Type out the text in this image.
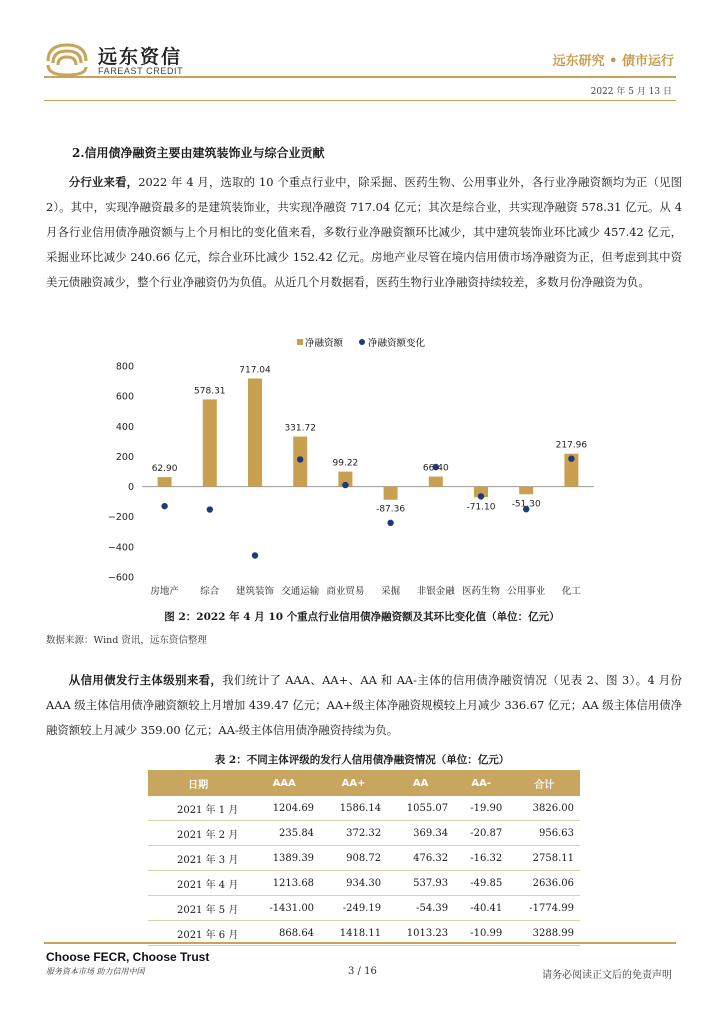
远东资信
FAREAST CREDIT
远东研究 • 债市运行
2022 年 5 月 13 日
2.信用债净融资主要由建筑装饰业与综合业贡献
分行业来看，2022 年 4 月，选取的 10 个重点行业中，除采掘、医药生物、公用事业外，各行业净融资额均为正（见图 2）。其中，实现净融资最多的是建筑装饰业，共实现净融资 717.04 亿元；其次是综合业，共实现净融资 578.31 亿元。从 4 月各行业信用债净融资额与上个月相比的变化值来看，多数行业净融资额环比减少，其中建筑装饰业环比减少 457.42 亿元，采掘业环比减少 240.66 亿元，综合业环比减少 152.42 亿元。房地产业尽管在境内信用债市场净融资为正，但考虑到其中资美元债融资减少，整个行业净融资仍为负值。从近几个月数据看，医药生物行业净融资持续较差，多数月份净融资为负。
净融资额	净融资额变化
800
600
400
200
0
−200
−400
−600
62.90
房地产
578.31
综合
717.04
建筑装饰
331.72
交通运输
99.22
商业贸易
-87.36
采掘
66.40
非银金融
-71.10
医药生物
-51.30
公用事业
217.96
化工
图 2：2022 年 4 月 10 个重点行业信用债净融资额及其环比变化值（单位：亿元）
数据来源：Wind 资讯，远东资信整理
从信用债发行主体级别来看，我们统计了 AAA、AA+、AA 和 AA-主体的信用债净融资情况（见表 2、图 3）。4 月份 AAA 级主体信用债净融资额较上月增加 439.47 亿元；AA+级主体净融资规模较上月减少 336.67 亿元；AA 级主体信用债净融资额较上月减少 359.00 亿元；AA-级主体信用债净融资持续为负。
表 2：不同主体评级的发行人信用债净融资情况（单位：亿元）
日期	AAA	AA+	AA	AA-	合计
2021 年 1 月	1204.69	1586.14	1055.07	-19.90	3826.00
2021 年 2 月	235.84	372.32	369.34	-20.87	956.63
2021 年 3 月	1389.39	908.72	476.32	-16.32	2758.11
2021 年 4 月	1213.68	934.30	537.93	-49.85	2636.06
2021 年 5 月	-1431.00	-249.19	-54.39	-40.41	-1774.99
2021 年 6 月	868.64	1418.11	1013.23	-10.99	3288.99
Choose FECR, Choose Trust
服务资本市场 助力信用中国	3 / 16	请务必阅读正文后的免责声明
